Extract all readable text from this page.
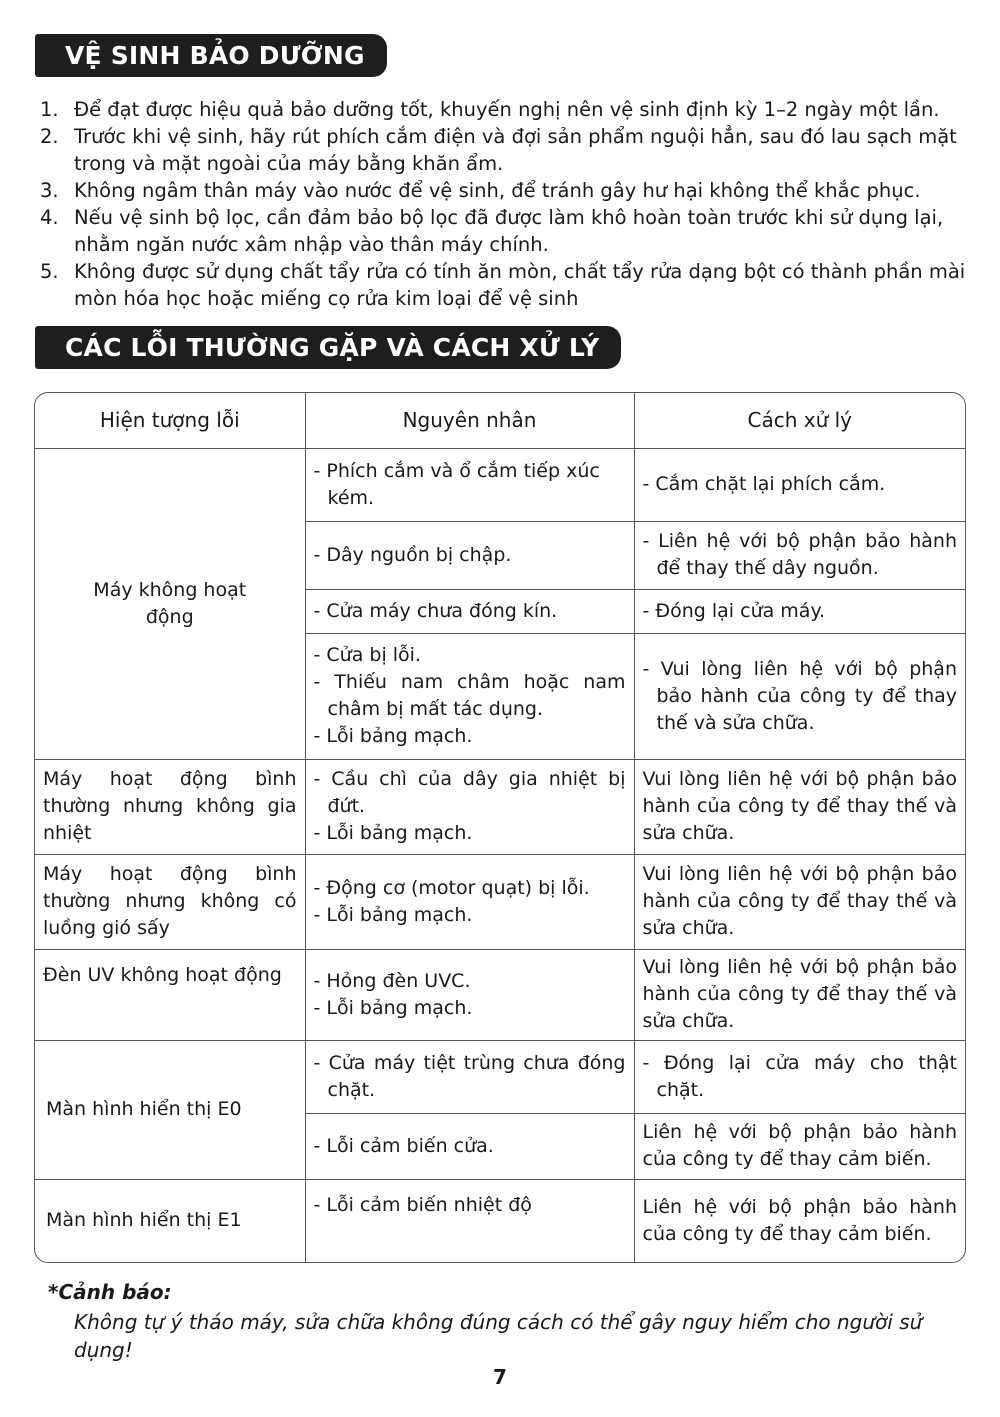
VỆ SINH BẢO DƯỠNG
1. Để đạt được hiệu quả bảo dưỡng tốt, khuyến nghị nên vệ sinh định kỳ 1–2 ngày một lần.
2. Trước khi vệ sinh, hãy rút phích cắm điện và đợi sản phẩm nguội hẳn, sau đó lau sạch mặt trong và mặt ngoài của máy bằng khăn ẩm.
3. Không ngâm thân máy vào nước để vệ sinh, để tránh gây hư hại không thể khắc phục.
4. Nếu vệ sinh bộ lọc, cần đảm bảo bộ lọc đã được làm khô hoàn toàn trước khi sử dụng lại, nhằm ngăn nước xâm nhập vào thân máy chính.
5. Không được sử dụng chất tẩy rửa có tính ăn mòn, chất tẩy rửa dạng bột có thành phần mài mòn hóa học hoặc miếng cọ rửa kim loại để vệ sinh
CÁC LỖI THƯỜNG GẶP VÀ CÁCH XỬ LÝ
Hiện tượng lỗi	Nguyên nhân	Cách xử lý
Máy không hoạt động	- Phích cắm và ổ cắm tiếp xúc kém.	- Cắm chặt lại phích cắm.

	- Dây nguồn bị chập.	- Liên hệ với bộ phận bảo hành để thay thế dây nguồn.

	- Cửa máy chưa đóng kín.	- Đóng lại cửa máy.

	- Cửa bị lỗi.
- Thiếu nam châm hoặc nam châm bị mất tác dụng.
- Lỗi bảng mạch.	- Vui lòng liên hệ với bộ phận bảo hành của công ty để thay thế và sửa chữa.

Máy hoạt động bình thường nhưng không gia nhiệt	- Cầu chì của dây gia nhiệt bị đứt.
- Lỗi bảng mạch.	Vui lòng liên hệ với bộ phận bảo hành của công ty để thay thế và sửa chữa.
Máy hoạt động bình thường nhưng không có luồng gió sấy	- Động cơ (motor quạt) bị lỗi.
- Lỗi bảng mạch.	Vui lòng liên hệ với bộ phận bảo hành của công ty để thay thế và sửa chữa.
Đèn UV không hoạt động	- Hỏng đèn UVC.
- Lỗi bảng mạch.	Vui lòng liên hệ với bộ phận bảo hành của công ty để thay thế và sửa chữa.
Màn hình hiển thị E0	- Cửa máy tiệt trùng chưa đóng chặt.	- Đóng lại cửa máy cho thật chặt.

	- Lỗi cảm biến cửa.	Liên hệ với bộ phận bảo hành của công ty để thay cảm biến.
Màn hình hiển thị E1	- Lỗi cảm biến nhiệt độ	Liên hệ với bộ phận bảo hành của công ty để thay cảm biến.
*Cảnh báo:
Không tự ý tháo máy, sửa chữa không đúng cách có thể gây nguy hiểm cho người sử dụng!
7
